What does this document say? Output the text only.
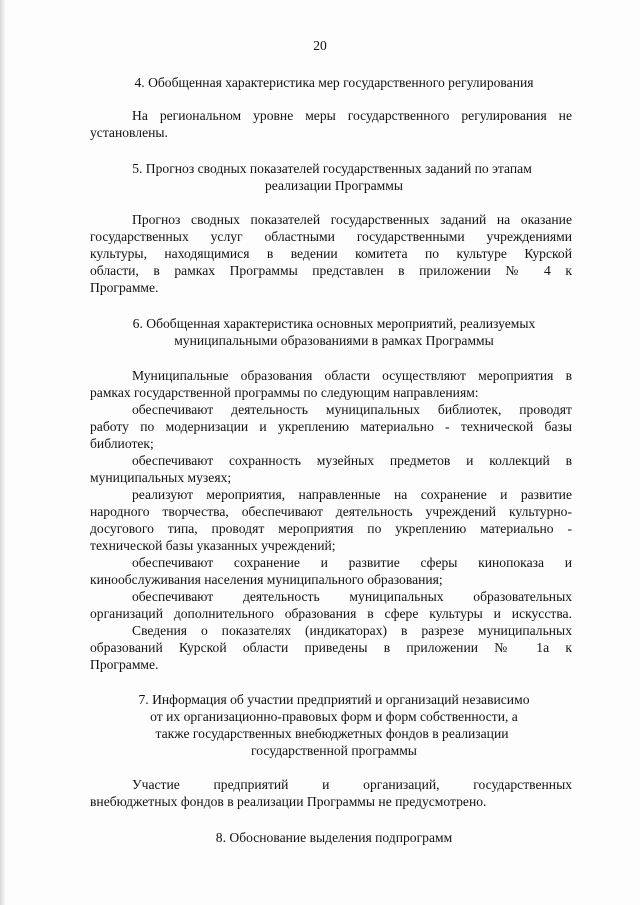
20
4. Обобщенная характеристика мер государственного регулирования
На региональном уровне меры государственного регулирования не
установлены.
5. Прогноз сводных показателей государственных заданий по этапам
реализации Программы
Прогноз сводных показателей государственных заданий на оказание
государственных услуг областными государственными учреждениями
культуры, находящимися в ведении комитета по культуре Курской
области, в рамках Программы представлен в приложении № 4 к
Программе.
6. Обобщенная характеристика основных мероприятий, реализуемых
муниципальными образованиями в рамках Программы
Муниципальные образования области осуществляют мероприятия в
рамках государственной программы по следующим направлениям:
обеспечивают деятельность муниципальных библиотек, проводят
работу по модернизации и укреплению материально - технической базы
библиотек;
обеспечивают сохранность музейных предметов и коллекций в
муниципальных музеях;
реализуют мероприятия, направленные на сохранение и развитие
народного творчества, обеспечивают деятельность учреждений культурно-
досугового типа, проводят мероприятия по укреплению материально -
технической базы указанных учреждений;
обеспечивают сохранение и развитие сферы кинопоказа и
кинообслуживания населения муниципального образования;
обеспечивают деятельность муниципальных образовательных
организаций дополнительного образования в сфере культуры и искусства.
Сведения о показателях (индикаторах) в разрезе муниципальных
образований Курской области приведены в приложении № 1а к
Программе.
7. Информация об участии предприятий и организаций независимо
от их организационно-правовых форм и форм собственности, а
также государственных внебюджетных фондов в реализации
государственной программы
Участие предприятий и организаций, государственных
внебюджетных фондов в реализации Программы не предусмотрено.
8. Обоснование выделения подпрограмм
